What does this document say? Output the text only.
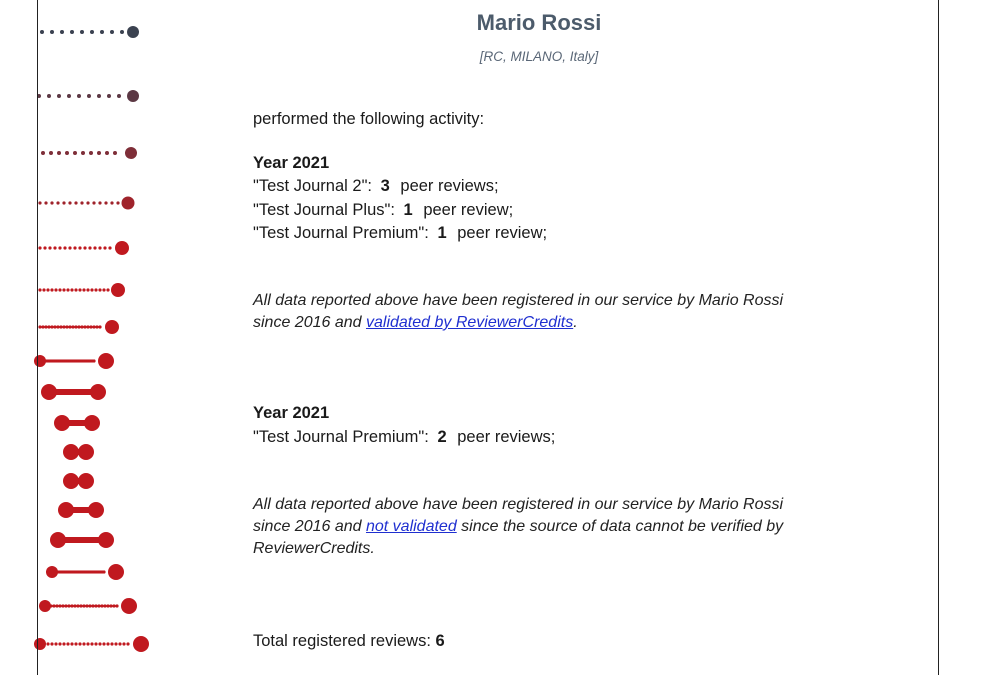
Mario Rossi
[RC, MILANO, Italy]
performed the following activity:
Year 2021
"Test Journal 2": 3 peer reviews;
"Test Journal Plus": 1 peer review;
"Test Journal Premium": 1 peer review;
All data reported above have been registered in our service by Mario Rossi since 2016 and validated by ReviewerCredits.
Year 2021
"Test Journal Premium": 2 peer reviews;
All data reported above have been registered in our service by Mario Rossi since 2016 and not validated since the source of data cannot be verified by ReviewerCredits.
Total registered reviews: 6
